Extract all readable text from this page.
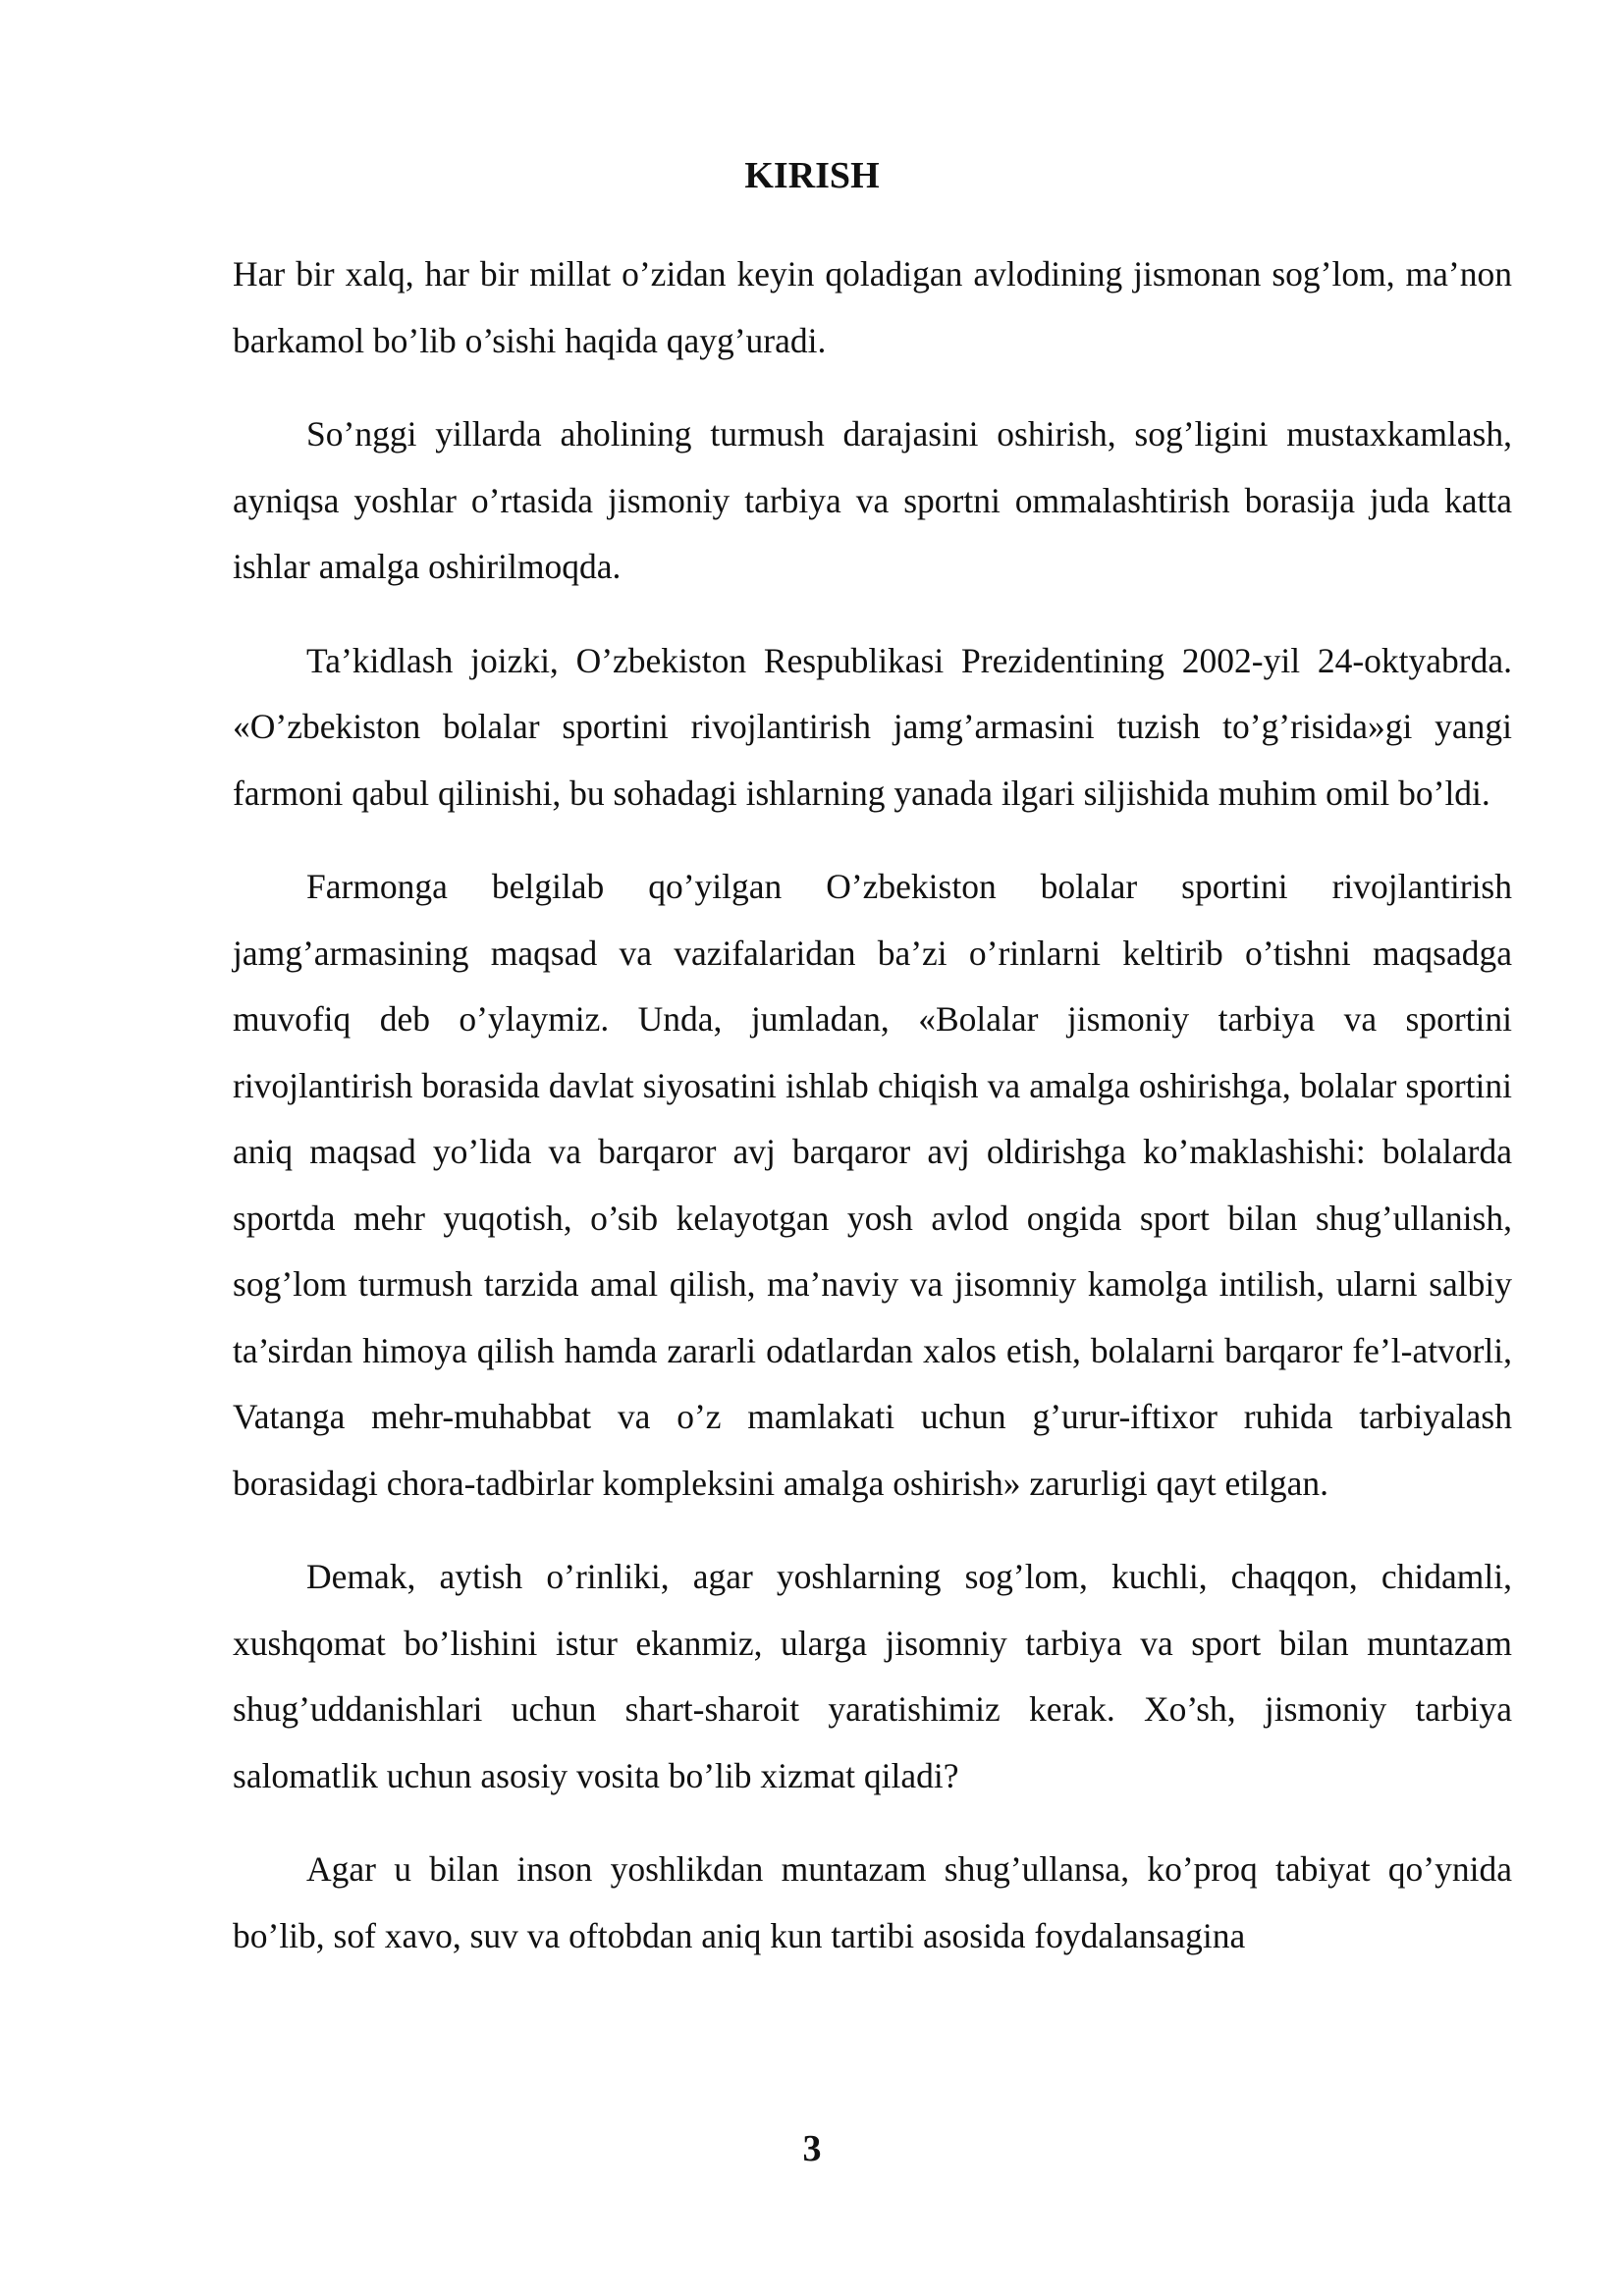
KIRISH

Har bir xalq, har bir millat o’zidan keyin qoladigan avlodining jismonan sog’lom, ma’non barkamol bo’lib o’sishi haqida qayg’uradi.

So’nggi yillarda aholining turmush darajasini oshirish, sog’ligini mustaxkamlash, ayniqsa yoshlar o’rtasida jismoniy tarbiya va sportni ommalashtirish borasija juda katta ishlar amalga oshirilmoqda.

Ta’kidlash joizki, O’zbekiston Respublikasi Prezidentining 2002-yil 24-oktyabrda. «O’zbekiston bolalar sportini rivojlantirish jamg’armasini tuzish to’g’risida»gi yangi farmoni qabul qilinishi, bu sohadagi ishlarning yanada ilgari siljishida muhim omil bo’ldi.

Farmonga belgilab qo’yilgan O’zbekiston bolalar sportini rivojlantirish jamg’armasining maqsad va vazifalaridan ba’zi o’rinlarni keltirib o’tishni maqsadga muvofiq deb o’ylaymiz. Unda, jumladan, «Bolalar jismoniy tarbiya va sportini rivojlantirish borasida davlat siyosatini ishlab chiqish va amalga oshirishga, bolalar sportini aniq maqsad yo’lida va barqaror avj barqaror avj oldirishga ko’maklashishi: bolalarda sportda mehr yuqotish, o’sib kelayotgan yosh avlod ongida sport bilan shug’ullanish, sog’lom turmush tarzida amal qilish, ma’naviy va jisomniy kamolga intilish, ularni salbiy ta’sirdan himoya qilish hamda zararli odatlardan xalos etish, bolalarni barqaror fe’l-atvorli, Vatanga mehr-muhabbat va o’z mamlakati uchun g’urur-iftixor ruhida tarbiyalash borasidagi chora-tadbirlar kompleksini amalga oshirish» zarurligi qayt etilgan.

Demak, aytish o’rinliki, agar yoshlarning sog’lom, kuchli, chaqqon, chidamli, xushqomat bo’lishini istur ekanmiz, ularga jisomniy tarbiya va sport bilan muntazam shug’uddanishlari uchun shart-sharoit yaratishimiz kerak. Xo’sh, jismoniy tarbiya salomatlik uchun asosiy vosita bo’lib xizmat qiladi?

Agar u bilan inson yoshlikdan muntazam shug’ullansa, ko’proq tabiyat qo’ynida bo’lib, sof xavo, suv va oftobdan aniq kun tartibi asosida foydalansagina

3
